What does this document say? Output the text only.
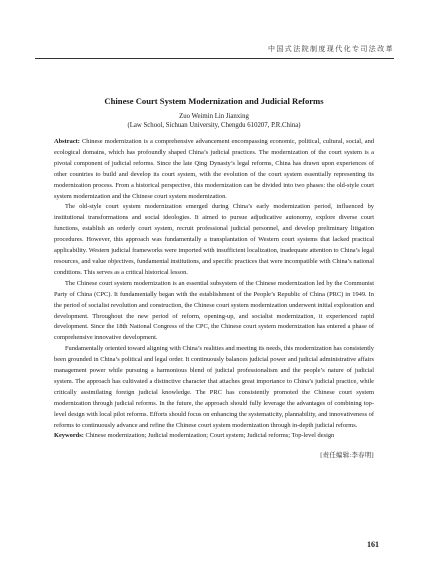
中国式法院制度现代化专司法改革
Chinese Court System Modernization and Judicial Reforms
Zuo Weimin Lin Jianxing
(Law School, Sichuan University, Chengdu 610207, P.R.China)

Abstract: Chinese modernization is a comprehensive advancement encompassing economic, political, cultural, social, and ecological domains, which has profoundly shaped China’s judicial practices. The modernization of the court system is a pivotal component of judicial reforms. Since the late Qing Dynasty’s legal reforms, China has drawn upon experiences of other countries to build and develop its court system, with the evolution of the court system essentially representing its modernization process. From a historical perspective, this modernization can be divided into two phases: the old-style court system modernization and the Chinese court system modernization.

The old-style court system modernization emerged during China’s early modernization period, influenced by institutional transformations and social ideologies. It aimed to pursue adjudicative autonomy, explore diverse court functions, establish an orderly court system, recruit professional judicial personnel, and develop preliminary litigation procedures. However, this approach was fundamentally a transplantation of Western court systems that lacked practical applicability. Western judicial frameworks were imported with insufficient localization, inadequate attention to China’s legal resources, and value objectives, fundamental institutions, and specific practices that were incompatible with China’s national conditions. This serves as a critical historical lesson.

The Chinese court system modernization is an essential subsystem of the Chinese modernization led by the Communist Party of China (CPC). It fundamentally began with the establishment of the People’s Republic of China (PRC) in 1949. In the period of socialist revolution and construction, the Chinese court system modernization underwent initial exploration and development. Throughout the new period of reform, opening-up, and socialist modernization, it experienced rapid development. Since the 18th National Congress of the CPC, the Chinese court system modernization has entered a phase of comprehensive innovative development.

Fundamentally oriented toward aligning with China’s realities and meeting its needs, this modernization has consistently been grounded in China’s political and legal order. It continuously balances judicial power and judicial administrative affairs management power while pursuing a harmonious blend of judicial professionalism and the people’s nature of judicial system. The approach has cultivated a distinctive character that attaches great importance to China’s judicial practice, while critically assimilating foreign judicial knowledge. The PRC has consistently promoted the Chinese court system modernization through judicial reforms. In the future, the approach should fully leverage the advantages of combining top-level design with local pilot reforms. Efforts should focus on enhancing the systematicity, plannability, and innovativeness of reforms to continuously advance and refine the Chinese court system modernization through in-depth judicial reforms.

Keywords: Chinese modernization; Judicial modernization; Court system; Judicial reforms; Top-level design

[责任编辑:李春明]
161
